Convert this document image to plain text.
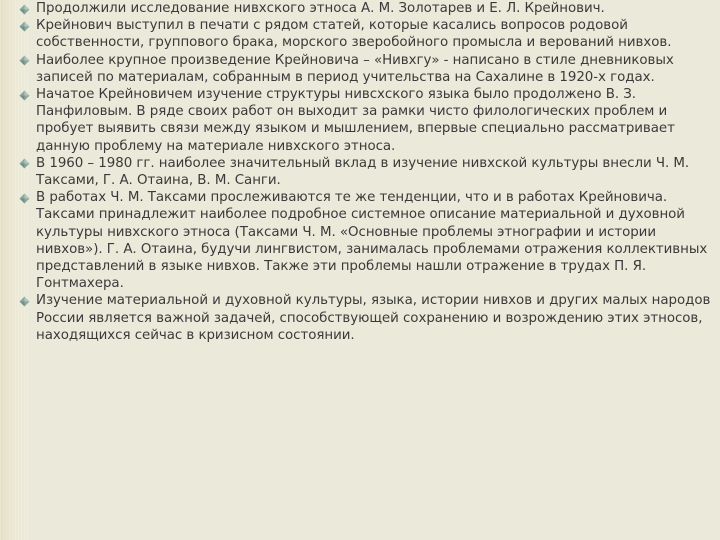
Продолжили исследование нивхского этноса А. М. Золотарев и Е. Л. Крейнович.
Крейнович выступил в печати с рядом статей, которые касались вопросов родовой собственности, группового брака, морского зверобойного промысла и верований нивхов.
Наиболее крупное произведение Крейновича – «Нивхгу» - написано в стиле дневниковых записей по материалам, собранным в период учительства на Сахалине в 1920-х годах.
Начатое Крейновичем изучение структуры нивсхского языка было продолжено В. З. Панфиловым. В ряде своих работ он выходит за рамки чисто филологических проблем и пробует выявить связи между языком и мышлением, впервые специально рассматривает данную проблему на материале нивхского этноса.
В 1960 – 1980 гг. наиболее значительный вклад в изучение нивхской культуры внесли Ч. М. Таксами, Г. А. Отаина, В. М. Санги.
В работах Ч. М. Таксами прослеживаются те же тенденции, что и в работах Крейновича. Таксами принадлежит наиболее подробное системное описание материальной и духовной культуры нивхского этноса (Таксами Ч. М. «Основные проблемы этнографии и истории нивхов»). Г. А. Отаина, будучи лингвистом, занималась проблемами отражения коллективных представлений в языке нивхов. Также эти проблемы нашли отражение в трудах П. Я. Гонтмахера.
Изучение материальной и духовной культуры, языка, истории нивхов и других малых народов России является важной задачей, способствующей сохранению и возрождению этих этносов, находящихся сейчас в кризисном состоянии.
